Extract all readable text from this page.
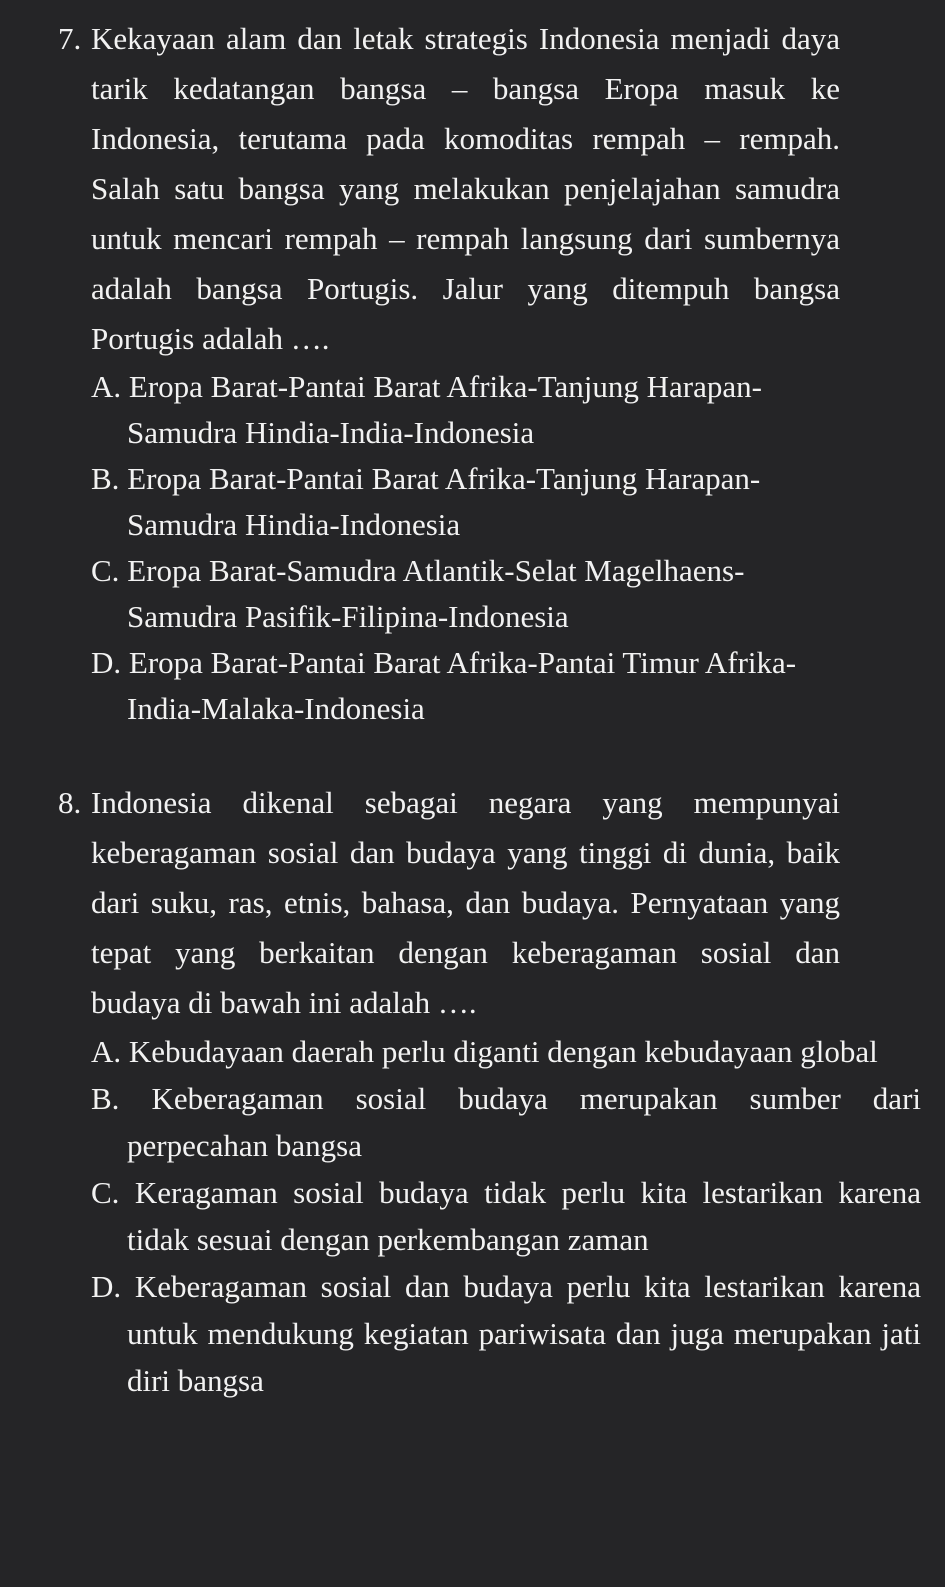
7. Kekayaan alam dan letak strategis Indonesia menjadi daya tarik kedatangan bangsa – bangsa Eropa masuk ke Indonesia, terutama pada komoditas rempah – rempah. Salah satu bangsa yang melakukan penjelajahan samudra untuk mencari rempah – rempah langsung dari sumbernya adalah bangsa Portugis. Jalur yang ditempuh bangsa Portugis adalah ….
A. Eropa Barat-Pantai Barat Afrika-Tanjung Harapan-Samudra Hindia-India-Indonesia
B. Eropa Barat-Pantai Barat Afrika-Tanjung Harapan-Samudra Hindia-Indonesia
C. Eropa Barat-Samudra Atlantik-Selat Magelhaens-Samudra Pasifik-Filipina-Indonesia
D. Eropa Barat-Pantai Barat Afrika-Pantai Timur Afrika-India-Malaka-Indonesia
8. Indonesia dikenal sebagai negara yang mempunyai keberagaman sosial dan budaya yang tinggi di dunia, baik dari suku, ras, etnis, bahasa, dan budaya. Pernyataan yang tepat yang berkaitan dengan keberagaman sosial dan budaya di bawah ini adalah ….
A. Kebudayaan daerah perlu diganti dengan kebudayaan global
B. Keberagaman sosial budaya merupakan sumber dari perpecahan bangsa
C. Keragaman sosial budaya tidak perlu kita lestarikan karena tidak sesuai dengan perkembangan zaman
D. Keberagaman sosial dan budaya perlu kita lestarikan karena untuk mendukung kegiatan pariwisata dan juga merupakan jati diri bangsa
